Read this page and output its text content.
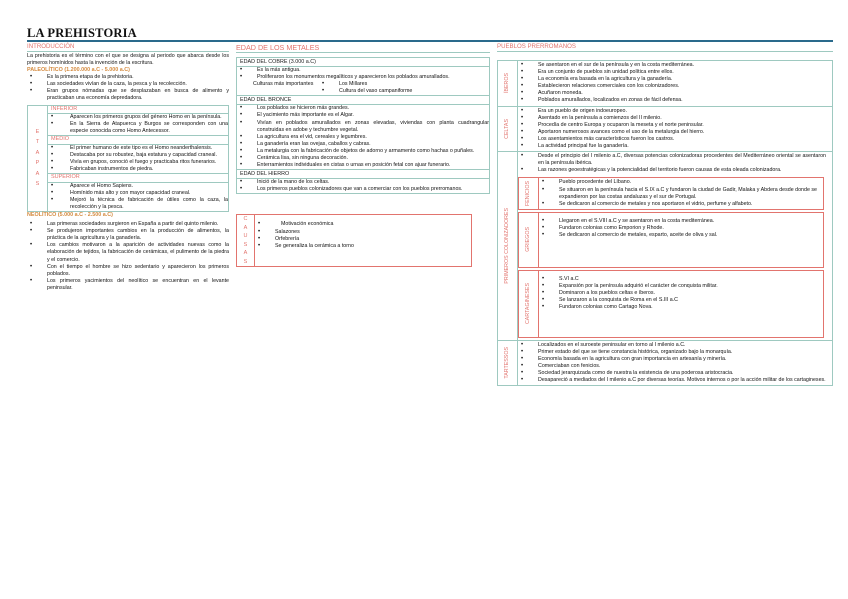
LA PREHISTORIA
INTRODUCCIÓN

La prehistoria es el término con el que se designa al periodo que abarca desde los primeros homínidos hasta la invención de la escritura.

PALEOLÍTICO (1.200.000 a.C - 5.000 a.C)
• Es la primera etapa de la prehistoria.
• Las sociedades vivían de la caza, la pesca y la recolección.
• Eran grupos nómadas que se desplazaban en busca de alimento y practicaban una economía depredadora.
E
T
A
P
A
S
INFERIOR
• Aparecen los primeros grupos del género Homo en la península.
• En la Sierra de Atapuerca y Burgos se corresponden con una especie conocida como Homo Antecessor.
MEDIO
• El primer humano de este tipo es el Homo neanderthalensis.
• Destacaba por su robustez, baja estatura y capacidad craneal.
• Vivía en grupos, conoció el fuego y practicaba ritos funerarios.
• Fabricaban instrumentos de piedra.
SUPERIOR
• Aparece el Homo Sapiens.
• Homínido más alto y con mayor capacidad craneal.
• Mejoró la técnica de fabricación de útiles como la caza, la recolección y la pesca.
NEOLÍTICO (5.000 a.C - 2.500 a.C)
• Las primeras sociedades surgieron en España a partir del quinto milenio.
• Se produjeron importantes cambios en la producción de alimentos, la práctica de la agricultura y la ganadería.
• Los cambios motivaron a la aparición de actividades nuevas como la elaboración de tejidos, la fabricación de cerámicas, el pulimento de la piedra y el comercio.
• Con el tiempo el hombre se hizo sedentario y aparecieron los primeros poblados.
• Los primeros yacimientos del neolítico se encuentran en el levante peninsular.
EDAD DE LOS METALES
EDAD DEL COBRE (3.000 a.C)
• Es la más antigua.
• Proliferaron los monumentos megalíticos y aparecieron los poblados amurallados.
Culturas más importantes	• Los Millares
• Cultura del vaso campaniforme
EDAD DEL BRONCE
• Los poblados se hicieron más grandes.
• El yacimiento más importante es el Algar.
• Vivían en poblados amurallados en zonas elevadas, viviendas con planta cuadrangular construidas en adobe y techumbre vegetal.
• La agricultura era el vid, cereales y legumbres.
• La ganadería eran las ovejas, caballos y cabras.
• La metalurgia con la fabricación de objetos de adorno y armamento como hachas o puñales.
• Cerámica lisa, sin ninguna decoración.
• Enterramientos individuales en cistas o urnas en posición fetal con ajuar funerario.
EDAD DEL HIERRO
• Inició de la mano de los celtas.
• Los primeros pueblos colonizadores que van a comerciar con los pueblos prerromanos.
C
A
U
S
A
S
• Motivación económica
• Salazones
• Orfebrería
• Se generaliza la cerámica a torno
PUEBLOS PRERROMANOS
ÍBEROS
• Se asentaron en el sur de la península y en la costa mediterránea.
• Era un conjunto de pueblos sin unidad política entre ellos.
• La economía era basada en la agricultura y la ganadería.
• Establecieron relaciones comerciales con los colonizadores.
• Acuñaron moneda.
• Poblados amurallados, localizados en zonas de fácil defensa.
CELTAS
• Era un pueblo de origen indoeuropeo.
• Asentado en la península a comienzos del II milenio.
• Procedía de centro Europa y ocuparon la meseta y el norte peninsular.
• Aportaron numerosos avances como el uso de la metalurgia del hierro.
• Los asentamientos más característicos fueron los castros.
• La actividad principal fue la ganadería.
PRIMEROS COLONIZADORES
• Desde el principio del I milenio a.C, diversas potencias colonizadoras procedentes del Mediterráneo oriental se asentaron en la península ibérica.
• Las razones geoestratégicas y la potencialidad del territorio fueron causas de esta oleada colonizadora.
FENICIOS	• Pueblo procedente del Líbano.
• Se situaron en la península hacia el S.IX a.C y fundaron la ciudad de Gadir, Malaka y Abdera desde donde se expandieron por las costas andaluzas y el sur de Portugal.
• Se dedicaron al comercio de metales y nos aportaron el vidrio, perfume y alfabeto.
GRIEGOS
• Llegaron en el S.VIII a.C y se asentaron en la costa mediterránea.
• Fundaron colonias como Emporion y Rhode.
• Se dedicaron al comercio de metales, esparto, aceite de oliva y sal.
CARTAGINESES
• S.VI a.C
• Expansión por la península adquirió el carácter de conquista militar.
• Dominaron a los pueblos celtas e íberos.
• Se lanzaron a la conquista de Roma en el S.III a.C
• Fundaron colonias como Cartago Nova.
TARTESSOS
• Localizados en el suroeste peninsular en torno al I milenio a.C.
• Primer estado del que se tiene constancia histórica, organizado bajo la monarquía.
• Economía basada en la agricultura con gran importancia en artesanía y minería.
• Comerciaban con fenicios.
• Sociedad jerarquizada como de nuestra la existencia de una poderosa aristocracia.
• Desapareció a mediados del I milenio a.C por diversas teorías. Motivos internos o por la acción militar de los cartagineses.
